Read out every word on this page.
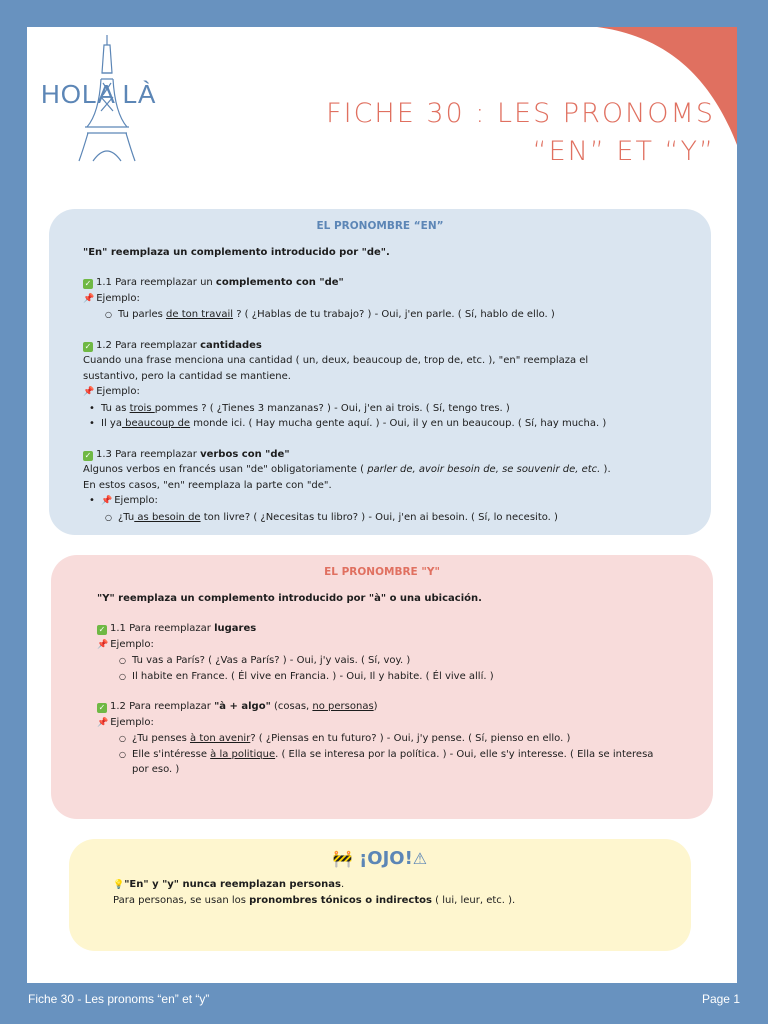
HOLA LÀ
FICHE 30 : LES PRONOMS
“EN” ET “Y”
EL PRONOMBRE “EN”

"En" reemplaza un complemento introducido por "de".

✓ 1.1 Para reemplazar un complemento con "de"

📌 Ejemplo:

○ Tu parles de ton travail ? ( ¿Hablas de tu trabajo? ) - Oui, j'en parle. ( Sí, hablo de ello. )

✓ 1.2 Para reemplazar cantidades

Cuando una frase menciona una cantidad ( un, deux, beaucoup de, trop de, etc. ), "en" reemplaza el

sustantivo, pero la cantidad se mantiene.

📌 Ejemplo:

• Tu as trois pommes ? ( ¿Tienes 3 manzanas? ) - Oui, j'en ai trois. ( Sí, tengo tres. )
• Il ya beaucoup de monde ici. ( Hay mucha gente aquí. ) - Oui, il y en un beaucoup. ( Sí, hay mucha. )

✓ 1.3 Para reemplazar verbos con "de"

Algunos verbos en francés usan "de" obligatoriamente ( parler de, avoir besoin de, se souvenir de, etc. ).

En estos casos, "en" reemplaza la parte con "de".

• 📌 Ejemplo:
○ ¿Tu as besoin de ton livre? ( ¿Necesitas tu libro? ) - Oui, j'en ai besoin. ( Sí, lo necesito. )
EL PRONOMBRE "Y"

"Y" reemplaza un complemento introducido por "à" o una ubicación.

✓ 1.1 Para reemplazar lugares

📌 Ejemplo:

○ Tu vas a París? ( ¿Vas a París? ) - Oui, j'y vais. ( Sí, voy. )
○ Il habite en France. ( Él vive en Francia. ) - Oui, Il y habite. ( Él vive allí. )

✓ 1.2 Para reemplazar "à + algo" (cosas, no personas)

📌 Ejemplo:

○ ¿Tu penses à ton avenir? ( ¿Piensas en tu futuro? ) - Oui, j'y pense. ( Sí, pienso en ello. )
○ Elle s'intéresse à la politique. ( Ella se interesa por la política. ) - Oui, elle s'y interesse. ( Ella se interesa
por eso. )
🚧 ¡OJO!⚠

💡"En" y "y" nunca reemplazan personas.

Para personas, se usan los pronombres tónicos o indirectos ( lui, leur, etc. ).

Fiche 30 - Les pronoms “en” et “y”	Page 1
